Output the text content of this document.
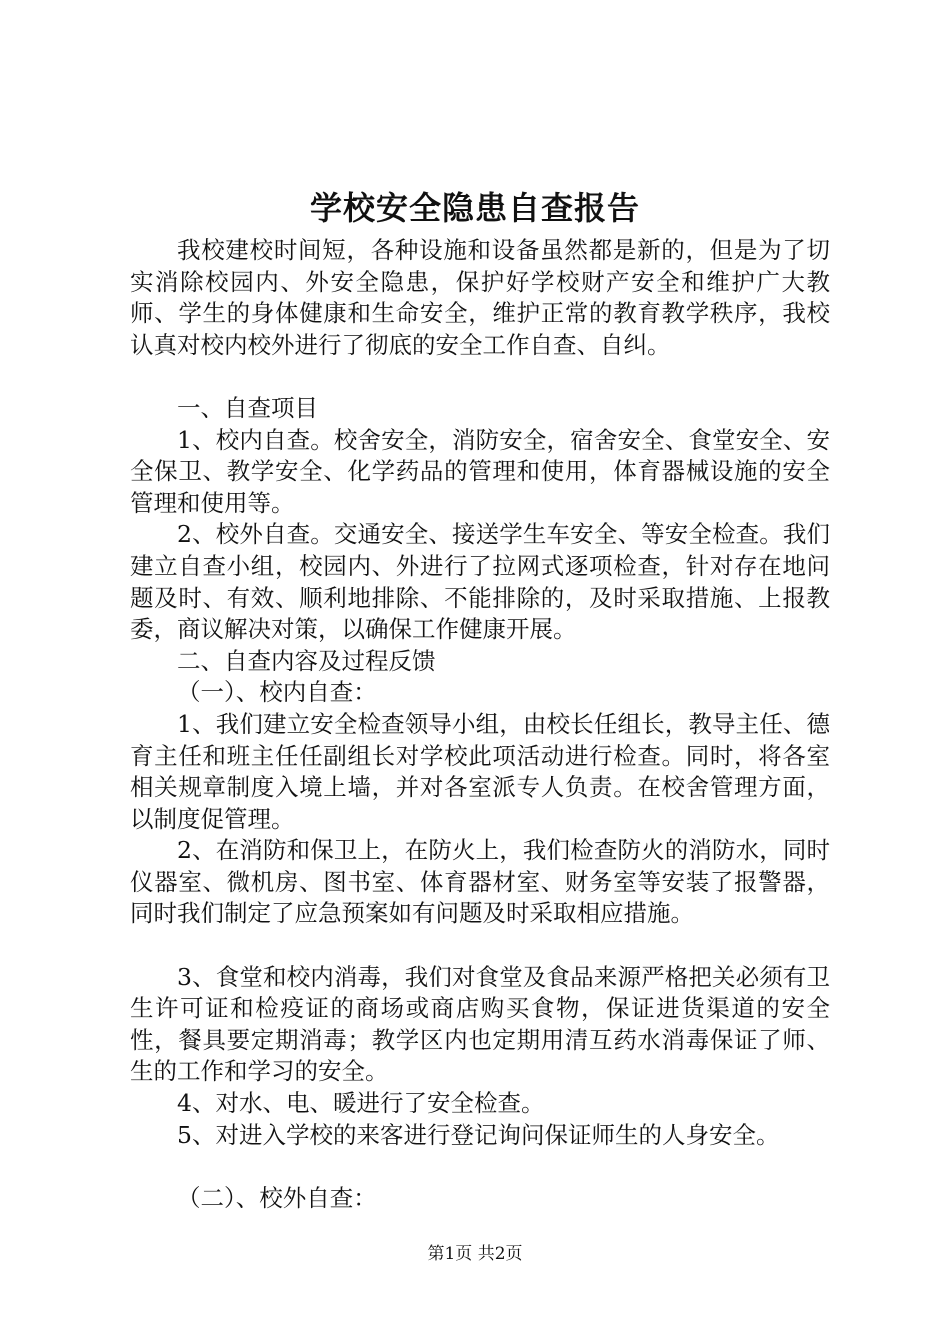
学校安全隐患自查报告

我校建校时间短，各种设施和设备虽然都是新的，但是为了切实消除校园内、外安全隐患，保护好学校财产安全和维护广大教师、学生的身体健康和生命安全，维护正常的教育教学秩序，我校认真对校内校外进行了彻底的安全工作自查、自纠。

一、自查项目

1、校内自查。校舍安全，消防安全，宿舍安全、食堂安全、安全保卫、教学安全、化学药品的管理和使用，体育器械设施的安全管理和使用等。

2、校外自查。交通安全、接送学生车安全、等安全检查。我们建立自查小组，校园内、外进行了拉网式逐项检查，针对存在地问题及时、有效、顺利地排除、不能排除的，及时采取措施、上报教委，商议解决对策，以确保工作健康开展。

二、自查内容及过程反馈

（一）、校内自查：

1、我们建立安全检查领导小组，由校长任组长，教导主任、德育主任和班主任任副组长对学校此项活动进行检查。同时，将各室相关规章制度入境上墙，并对各室派专人负责。在校舍管理方面，以制度促管理。

2、在消防和保卫上，在防火上，我们检查防火的消防水，同时仪器室、微机房、图书室、体育器材室、财务室等安装了报警器，同时我们制定了应急预案如有问题及时采取相应措施。

3、食堂和校内消毒，我们对食堂及食品来源严格把关必须有卫生许可证和检疫证的商场或商店购买食物，保证进货渠道的安全性，餐具要定期消毒；教学区内也定期用清互药水消毒保证了师、生的工作和学习的安全。

4、对水、电、暖进行了安全检查。

5、对进入学校的来客进行登记询问保证师生的人身安全。

（二）、校外自查：

第1页 共2页
